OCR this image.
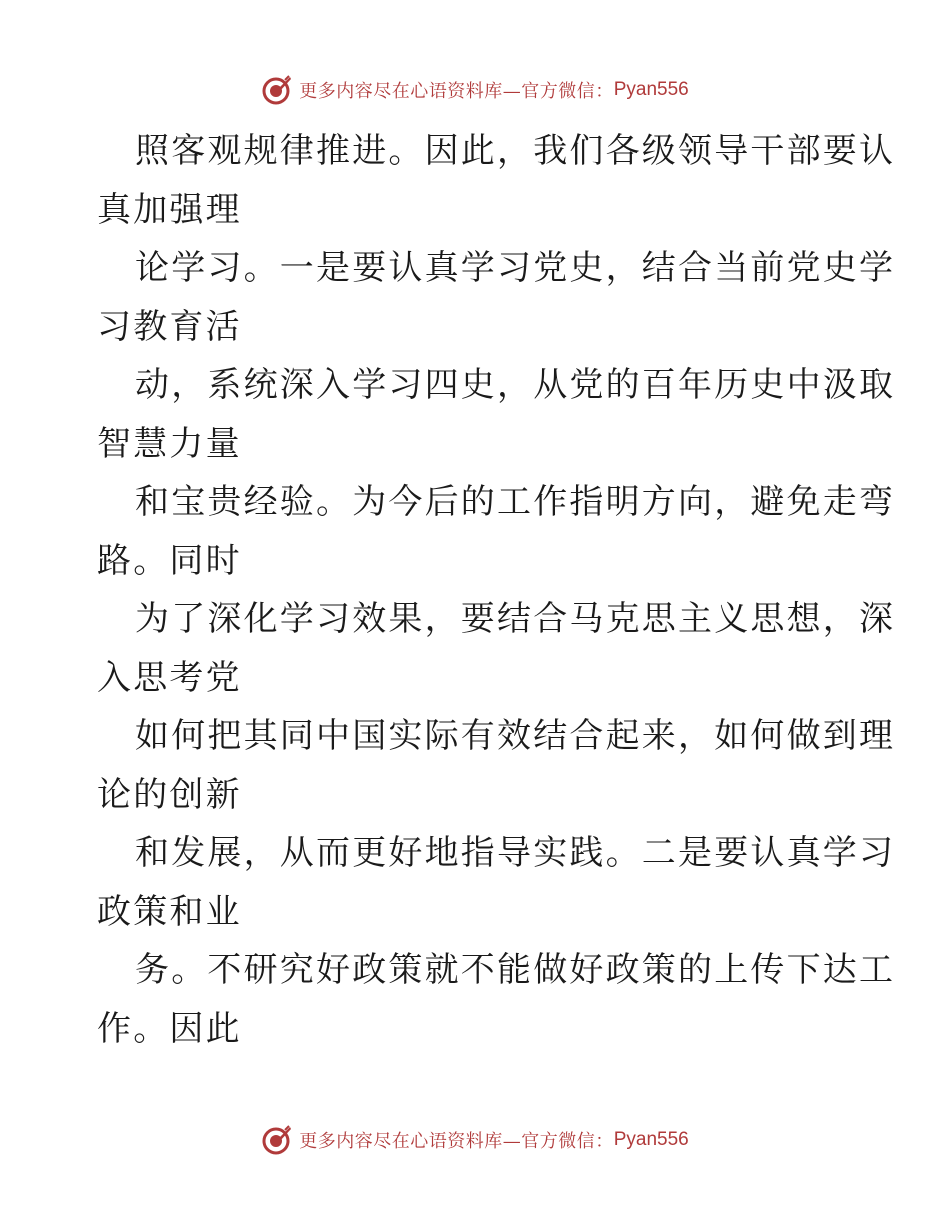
更多内容尽在心语资料库—官方微信： Pyan556

照客观规律推进。因此，我们各级领导干部要认
真加强理

论学习。一是要认真学习党史，结合当前党史学
习教育活

动，系统深入学习四史，从党的百年历史中汲取
智慧力量

和宝贵经验。为今后的工作指明方向，避免走弯
路。同时

为了深化学习效果，要结合马克思主义思想，深
入思考党

如何把其同中国实际有效结合起来，如何做到理
论的创新

和发展，从而更好地指导实践。二是要认真学习
政策和业

务。不研究好政策就不能做好政策的上传下达工
作。因此

更多内容尽在心语资料库—官方微信： Pyan556
